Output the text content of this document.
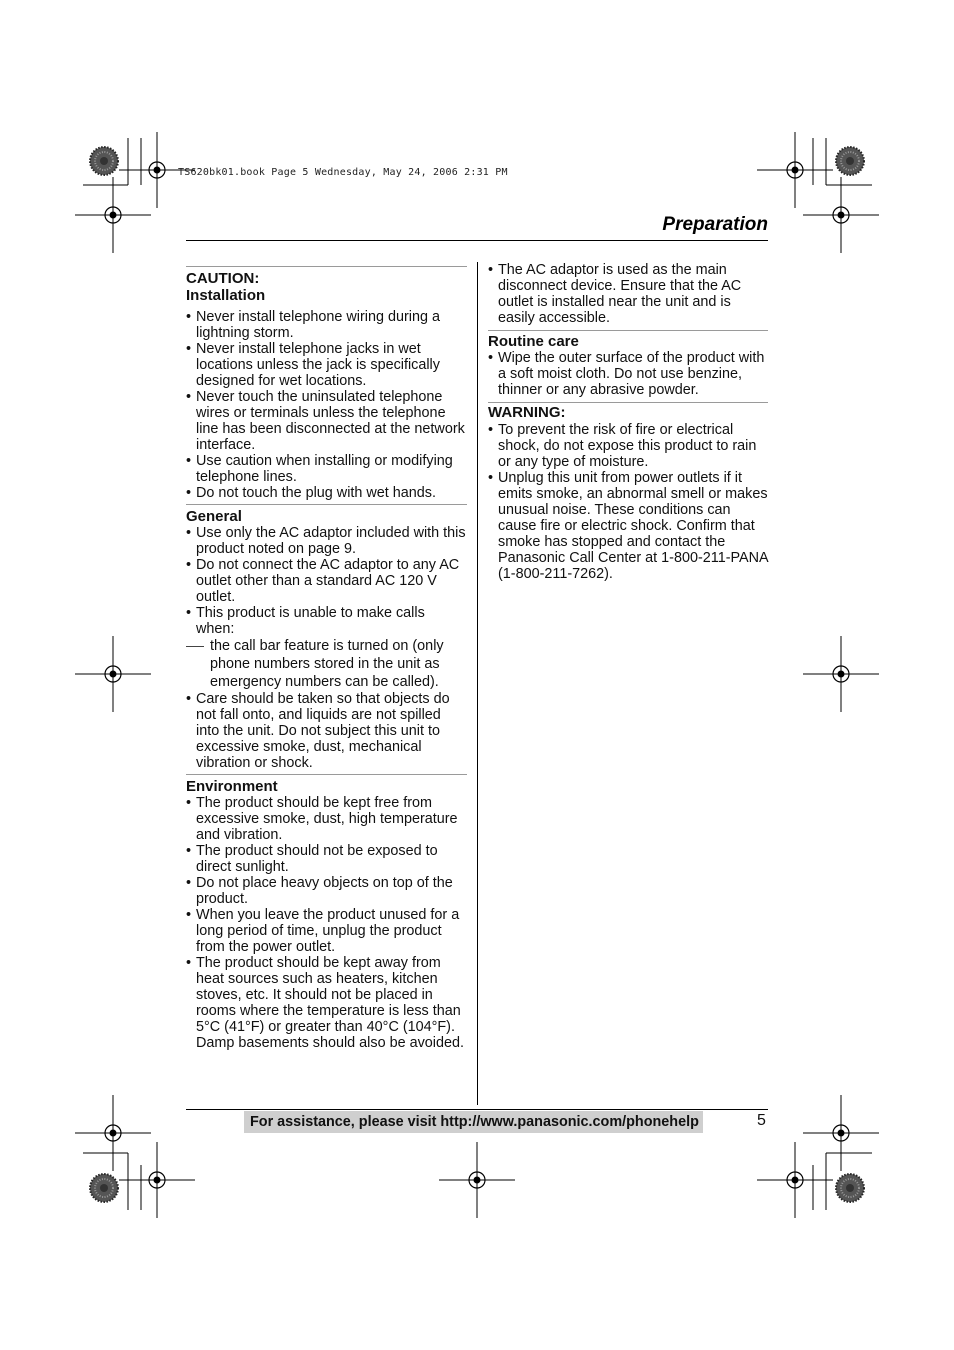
TS620bk01.book Page 5 Wednesday, May 24, 2006 2:31 PM
Preparation
CAUTION:
Installation
• Never install telephone wiring during a lightning storm.
• Never install telephone jacks in wet locations unless the jack is specifically designed for wet locations.
• Never touch the uninsulated telephone wires or terminals unless the telephone line has been disconnected at the network interface.
• Use caution when installing or modifying telephone lines.
• Do not touch the plug with wet hands.
General
• Use only the AC adaptor included with this product noted on page 9.
• Do not connect the AC adaptor to any AC outlet other than a standard AC 120 V outlet.
• This product is unable to make calls when:
the call bar feature is turned on (only phone numbers stored in the unit as emergency numbers can be called).
• Care should be taken so that objects do not fall onto, and liquids are not spilled into the unit. Do not subject this unit to excessive smoke, dust, mechanical vibration or shock.
Environment
• The product should be kept free from excessive smoke, dust, high temperature and vibration.
• The product should not be exposed to direct sunlight.
• Do not place heavy objects on top of the product.
• When you leave the product unused for a long period of time, unplug the product from the power outlet.
• The product should be kept away from heat sources such as heaters, kitchen stoves, etc. It should not be placed in rooms where the temperature is less than 5°C (41°F) or greater than 40°C (104°F). Damp basements should also be avoided.
• The AC adaptor is used as the main disconnect device. Ensure that the AC outlet is installed near the unit and is easily accessible.
Routine care
• Wipe the outer surface of the product with a soft moist cloth. Do not use benzine, thinner or any abrasive powder.
WARNING:
• To prevent the risk of fire or electrical shock, do not expose this product to rain or any type of moisture.
• Unplug this unit from power outlets if it emits smoke, an abnormal smell or makes unusual noise. These conditions can cause fire or electric shock. Confirm that smoke has stopped and contact the Panasonic Call Center at 1-800-211-PANA (1-800-211-7262).
For assistance, please visit http://www.panasonic.com/phonehelp	5
